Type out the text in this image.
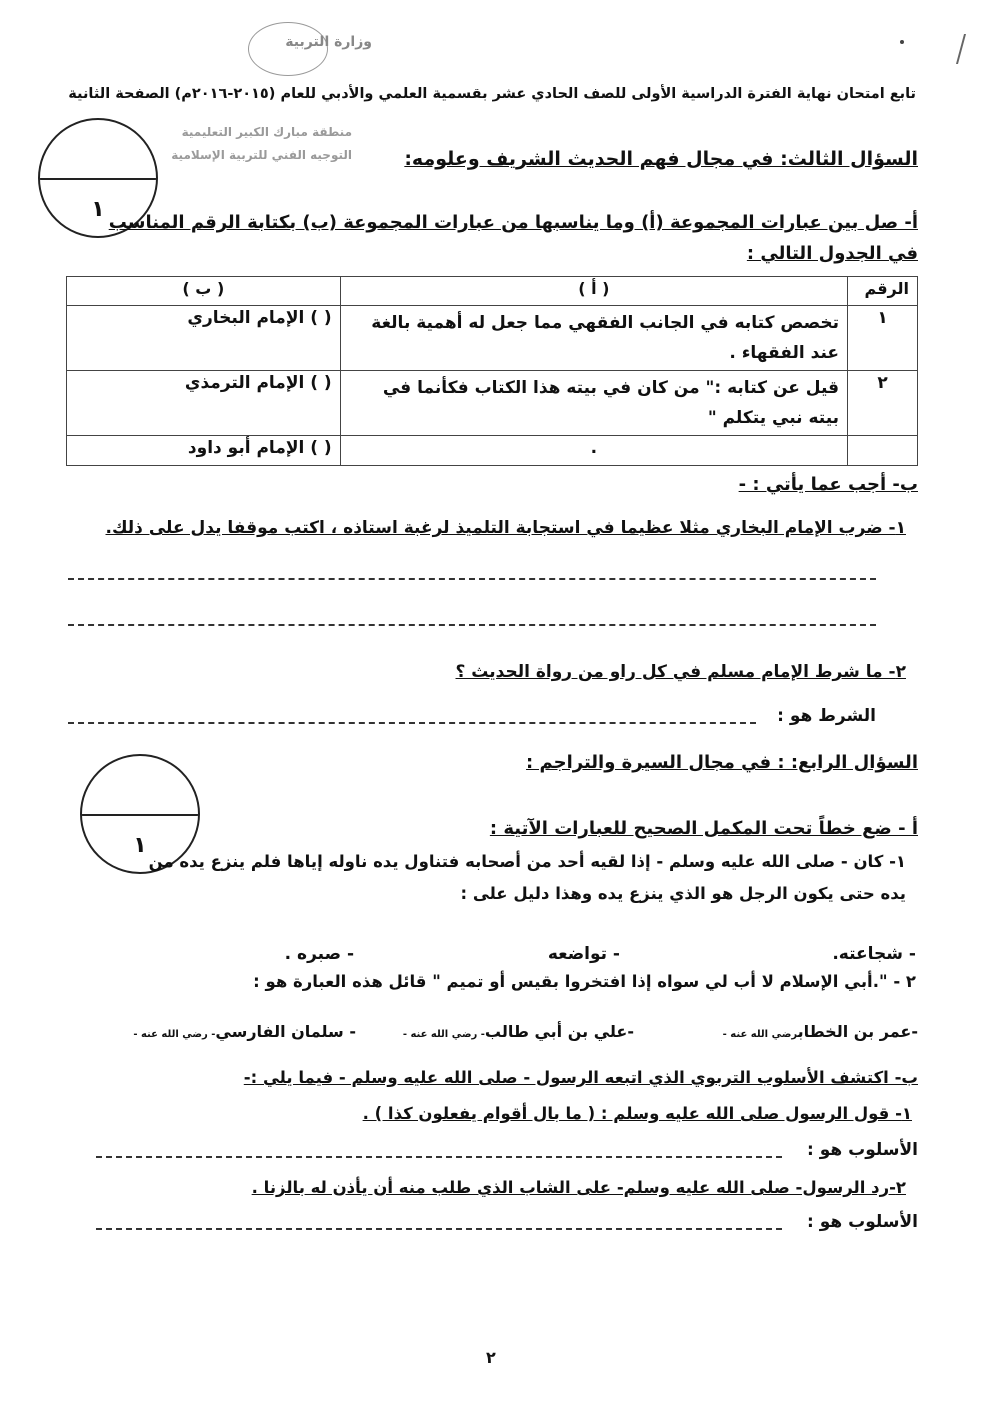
وزارة التربية
تابع امتحان نهاية الفترة الدراسية الأولى للصف الحادي عشر بقسمية العلمي والأدبي للعام (٢٠١٥-٢٠١٦م) الصفحة الثانية
منطقة مبارك الكبير التعليمية
التوجيه الفني للتربية الإسلامية
١
السؤال الثالث: في مجال فهم الحديث الشريف وعلومه:
أ- صل بين عبارات المجموعة (أ) وما يناسبها من عبارات المجموعة (ب) بكتابة الرقم المناسب
في الجدول التالي :
الرقم	( أ )	( ب )
١	تخصص كتابه في الجانب الفقهي مما جعل له أهمية بالغة
عند الفقهاء .	( ) الإمام البخاري
٢	قيل عن كتابه :" من كان في بيته هذا الكتاب فكأنما في
بيته نبي يتكلم "	( ) الإمام الترمذي

	.	( ) الإمام أبو داود
ب- أجب عما يأتي : -
١- ضرب الإمام البخاري مثلا عظيما في استجابة التلميذ لرغبة استاذه ، اكتب موقفا يدل على ذلك.
٢- ما شرط الإمام مسلم في كل راو من رواة الحديث ؟
الشرط هو :
١
السؤال الرابع: : في مجال السيرة والتراجم :
أ - ضع خطاً تحت المكمل الصحيح للعبارات الآتية :
١- كان - صلى الله عليه وسلم - إذا لقيه أحد من أصحابه فتناول يده ناوله إياها فلم ينزع يده من
يده حتى يكون الرجل هو الذي ينزع يده وهذا دليل على :
- شجاعته.
- تواضعه
- صبره .
٢ - ".أبي الإسلام لا أب لي سواه إذا افتخروا بقيس أو تميم " قائل هذه العبارة هو :
-عمر بن الخطابرضي الله عنه -
-علي بن أبي طالب- رضي الله عنه -
- سلمان الفارسي- رضي الله عنه -
ب- اكتشف الأسلوب التربوي الذي اتبعه الرسول - صلى الله عليه وسلم - فيما يلي :-
١- قول الرسول صلى الله عليه وسلم : ( ما بال أقوام يفعلون كذا ) .
الأسلوب هو :
٢-رد الرسول- صلى الله عليه وسلم- على الشاب الذي طلب منه أن يأذن له بالزنا .
الأسلوب هو :
٢
